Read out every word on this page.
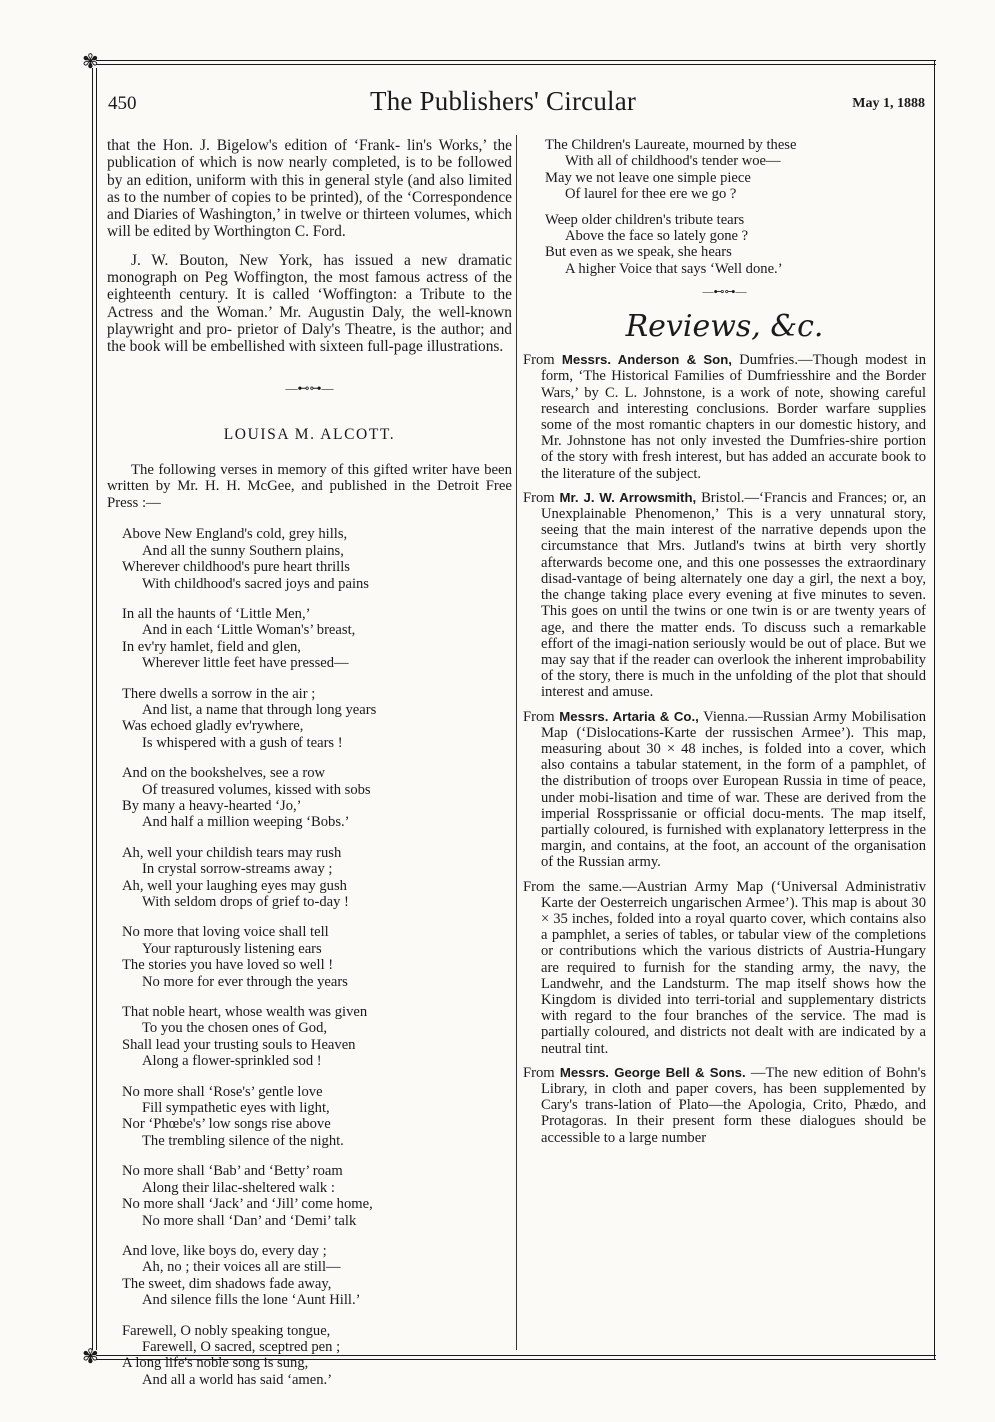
✾
✾
450	The Publishers' Circular	May 1, 1888

that the Hon. J. Bigelow's edition of ‘Frank- lin's Works,’ the publication of which is now nearly completed, is to be followed by an edition, uniform with this in general style (and also limited as to the number of copies to be printed), of the ‘Correspondence and Diaries of Washington,’ in twelve or thirteen volumes, which will be edited by Worthington C. Ford.

J. W. Bouton, New York, has issued a new dramatic monograph on Peg Woffington, the most famous actress of the eighteenth century. It is called ‘Woffington: a Tribute to the Actress and the Woman.’ Mr. Augustin Daly, the well-known playwright and pro- prietor of Daly's Theatre, is the author; and the book will be embellished with sixteen full-page illustrations.

—⊷⊶—
LOUISA M. ALCOTT.

The following verses in memory of this gifted writer have been written by Mr. H. H. McGee, and published in the Detroit Free Press :—

Above New England's cold, grey hills,
And all the sunny Southern plains,
Wherever childhood's pure heart thrills
With childhood's sacred joys and pains
In all the haunts of ‘Little Men,’
And in each ‘Little Woman's’ breast,
In ev'ry hamlet, field and glen,
Wherever little feet have pressed—
There dwells a sorrow in the air ;
And list, a name that through long years
Was echoed gladly ev'rywhere,
Is whispered with a gush of tears !
And on the bookshelves, see a row
Of treasured volumes, kissed with sobs
By many a heavy-hearted ‘Jo,’
And half a million weeping ‘Bobs.’
Ah, well your childish tears may rush
In crystal sorrow-streams away ;
Ah, well your laughing eyes may gush
With seldom drops of grief to-day !
No more that loving voice shall tell
Your rapturously listening ears
The stories you have loved so well !
No more for ever through the years
That noble heart, whose wealth was given
To you the chosen ones of God,
Shall lead your trusting souls to Heaven
Along a flower-sprinkled sod !
No more shall ‘Rose's’ gentle love
Fill sympathetic eyes with light,
Nor ‘Phœbe's’ low songs rise above
The trembling silence of the night.
No more shall ‘Bab’ and ‘Betty’ roam
Along their lilac-sheltered walk :
No more shall ‘Jack’ and ‘Jill’ come home,
No more shall ‘Dan’ and ‘Demi’ talk
And love, like boys do, every day ;
Ah, no ; their voices all are still—
The sweet, dim shadows fade away,
And silence fills the lone ‘Aunt Hill.’
Farewell, O nobly speaking tongue,
Farewell, O sacred, sceptred pen ;
A long life's noble song is sung,
And all a world has said ‘amen.’
The Children's Laureate, mourned by these
With all of childhood's tender woe—
May we not leave one simple piece
Of laurel for thee ere we go ?
Weep older children's tribute tears
Above the face so lately gone ?
But even as we speak, she hears
A higher Voice that says ‘Well done.’
—⊷⊶—
Reviews, &c.

From Messrs. Anderson & Son, Dumfries.—Though modest in form, ‘The Historical Families of Dumfriesshire and the Border Wars,’ by C. L. Johnstone, is a work of note, showing careful research and interesting conclusions. Border warfare supplies some of the most romantic chapters in our domestic history, and Mr. Johnstone has not only invested the Dumfries-shire portion of the story with fresh interest, but has added an accurate book to the literature of the subject.

From Mr. J. W. Arrowsmith, Bristol.—‘Francis and Frances; or, an Unexplainable Phenomenon,’ This is a very unnatural story, seeing that the main interest of the narrative depends upon the circumstance that Mrs. Jutland's twins at birth very shortly afterwards become one, and this one possesses the extraordinary disad-vantage of being alternately one day a girl, the next a boy, the change taking place every evening at five minutes to seven. This goes on until the twins or one twin is or are twenty years of age, and there the matter ends. To discuss such a remarkable effort of the imagi-nation seriously would be out of place. But we may say that if the reader can overlook the inherent improbability of the story, there is much in the unfolding of the plot that should interest and amuse.

From Messrs. Artaria & Co., Vienna.—Russian Army Mobilisation Map (‘Dislocations-Karte der russischen Armee’). This map, measuring about 30 × 48 inches, is folded into a cover, which also contains a tabular statement, in the form of a pamphlet, of the distribution of troops over European Russia in time of peace, under mobi-lisation and time of war. These are derived from the imperial Rossprissanie or official docu-ments. The map itself, partially coloured, is furnished with explanatory letterpress in the margin, and contains, at the foot, an account of the organisation of the Russian army.

From the same.—Austrian Army Map (‘Universal Administrativ Karte der Oesterreich ungarischen Armee’). This map is about 30 × 35 inches, folded into a royal quarto cover, which contains also a pamphlet, a series of tables, or tabular view of the completions or contributions which the various districts of Austria-Hungary are required to furnish for the standing army, the navy, the Landwehr, and the Landsturm. The map itself shows how the Kingdom is divided into terri-torial and supplementary districts with regard to the four branches of the service. The mad is partially coloured, and districts not dealt with are indicated by a neutral tint.

From Messrs. George Bell & Sons. —The new edition of Bohn's Library, in cloth and paper covers, has been supplemented by Cary's trans-lation of Plato—the Apologia, Crito, Phædo, and Protagoras. In their present form these dialogues should be accessible to a large number
